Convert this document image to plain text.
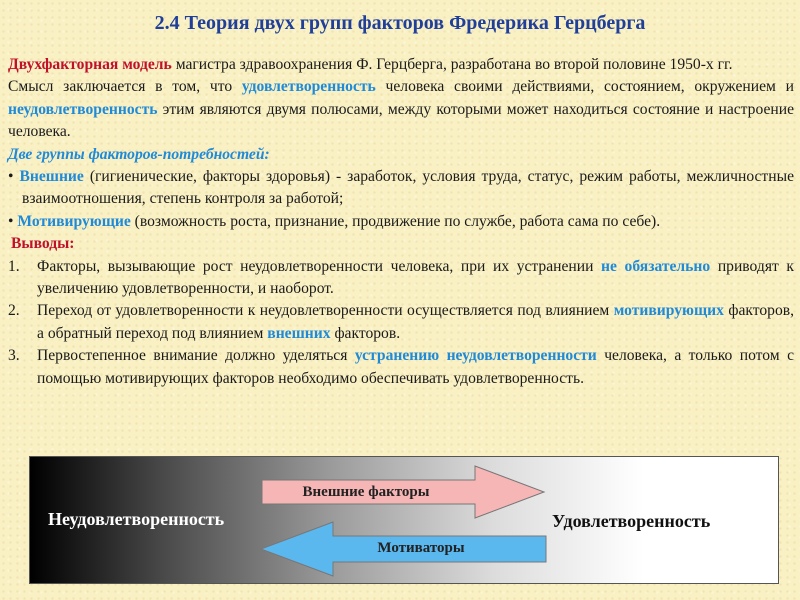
2.4 Теория двух групп факторов Фредерика Герцберга

Двухфакторная модель магистра здравоохранения Ф. Герцберга, разработана во второй половине 1950-х гг.

Смысл заключается в том, что удовлетворенность человека своими действиями, состоянием, окружением и неудовлетворенность этим являются двумя полюсами, между которыми может находиться состояние и настроение человека.

Две группы факторов-потребностей:

• Внешние (гигиенические, факторы здоровья) - заработок, условия труда, статус, режим работы, межличностные взаимоотношения, степень контроля за работой;

• Мотивирующие (возможность роста, признание, продвижение по службе, работа сама по себе).

Выводы:

1. Факторы, вызывающие рост неудовлетворенности человека, при их устранении не обязательно приводят к увеличению удовлетворенности, и наоборот.
2. Переход от удовлетворенности к неудовлетворенности осуществляется под влиянием мотивирующих факторов, а обратный переход под влиянием внешних факторов.
3. Первостепенное внимание должно уделяться устранению неудовлетворенности человека, а только потом с помощью мотивирующих факторов необходимо обеспечивать удовлетворенность.
Неудовлетворенность	Удовлетворенность
Внешние факторы
Мотиваторы
